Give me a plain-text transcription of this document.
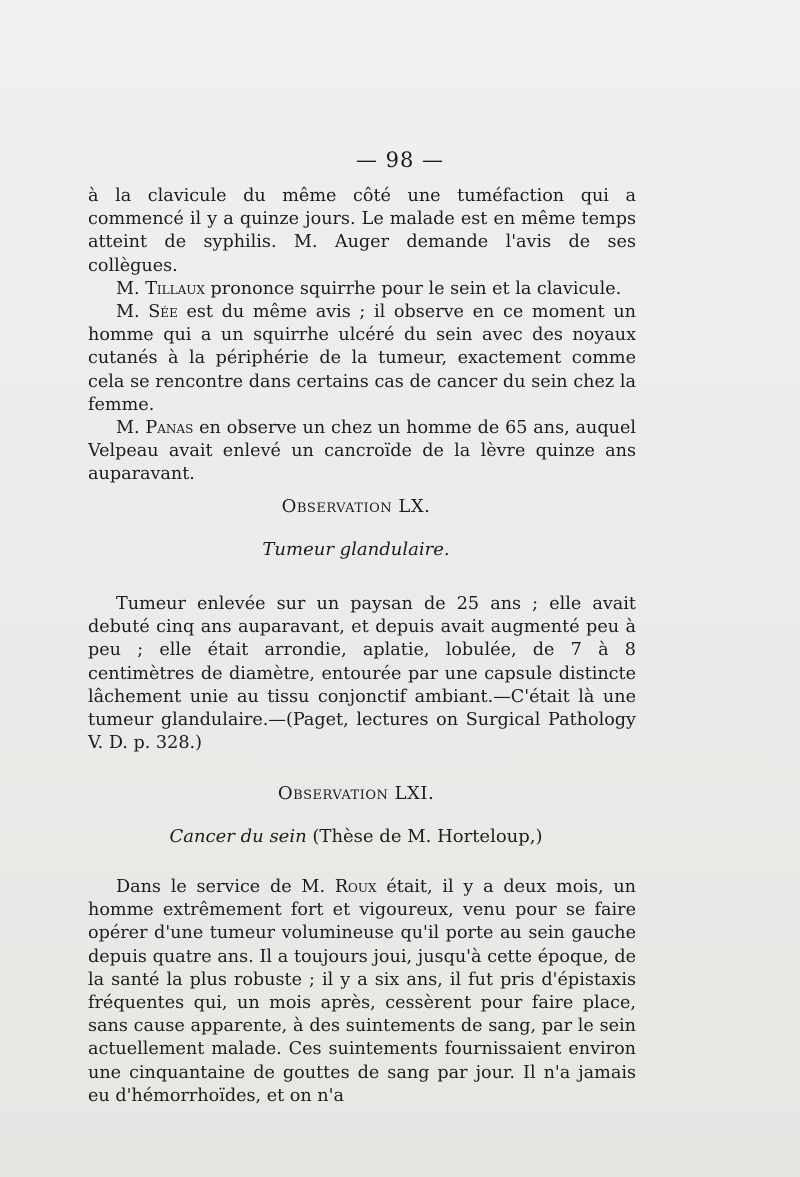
— 98 —

à la clavicule du même côté une tuméfaction qui a commencé il y a quinze jours. Le malade est en même temps atteint de syphilis. M. Auger demande l'avis de ses collègues.

M. Tillaux prononce squirrhe pour le sein et la clavicule.

M. Sée est du même avis ; il observe en ce moment un homme qui a un squirrhe ulcéré du sein avec des noyaux cutanés à la périphérie de la tumeur, exactement comme cela se rencontre dans certains cas de cancer du sein chez la femme.

M. Panas en observe un chez un homme de 65 ans, auquel Velpeau avait enlevé un cancroïde de la lèvre quinze ans auparavant.

Observation LX.
Tumeur glandulaire.

Tumeur enlevée sur un paysan de 25 ans ; elle avait debuté cinq ans auparavant, et depuis avait augmenté peu à peu ; elle était arrondie, aplatie, lobulée, de 7 à 8 centimètres de diamètre, entourée par une capsule distincte lâchement unie au tissu conjonctif ambiant.—C'était là une tumeur glandulaire.—(Paget, lectures on Surgical Pathology V. D. p. 328.)

Observation LXI.
Cancer du sein (Thèse de M. Horteloup,)

Dans le service de M. Roux était, il y a deux mois, un homme extrêmement fort et vigoureux, venu pour se faire opérer d'une tumeur volumineuse qu'il porte au sein gauche depuis quatre ans. Il a toujours joui, jusqu'à cette époque, de la santé la plus robuste ; il y a six ans, il fut pris d'épistaxis fréquentes qui, un mois après, cessèrent pour faire place, sans cause apparente, à des suintements de sang, par le sein actuellement malade. Ces suintements fournissaient environ une cinquantaine de gouttes de sang par jour. Il n'a jamais eu d'hémorrhoïdes, et on n'a
